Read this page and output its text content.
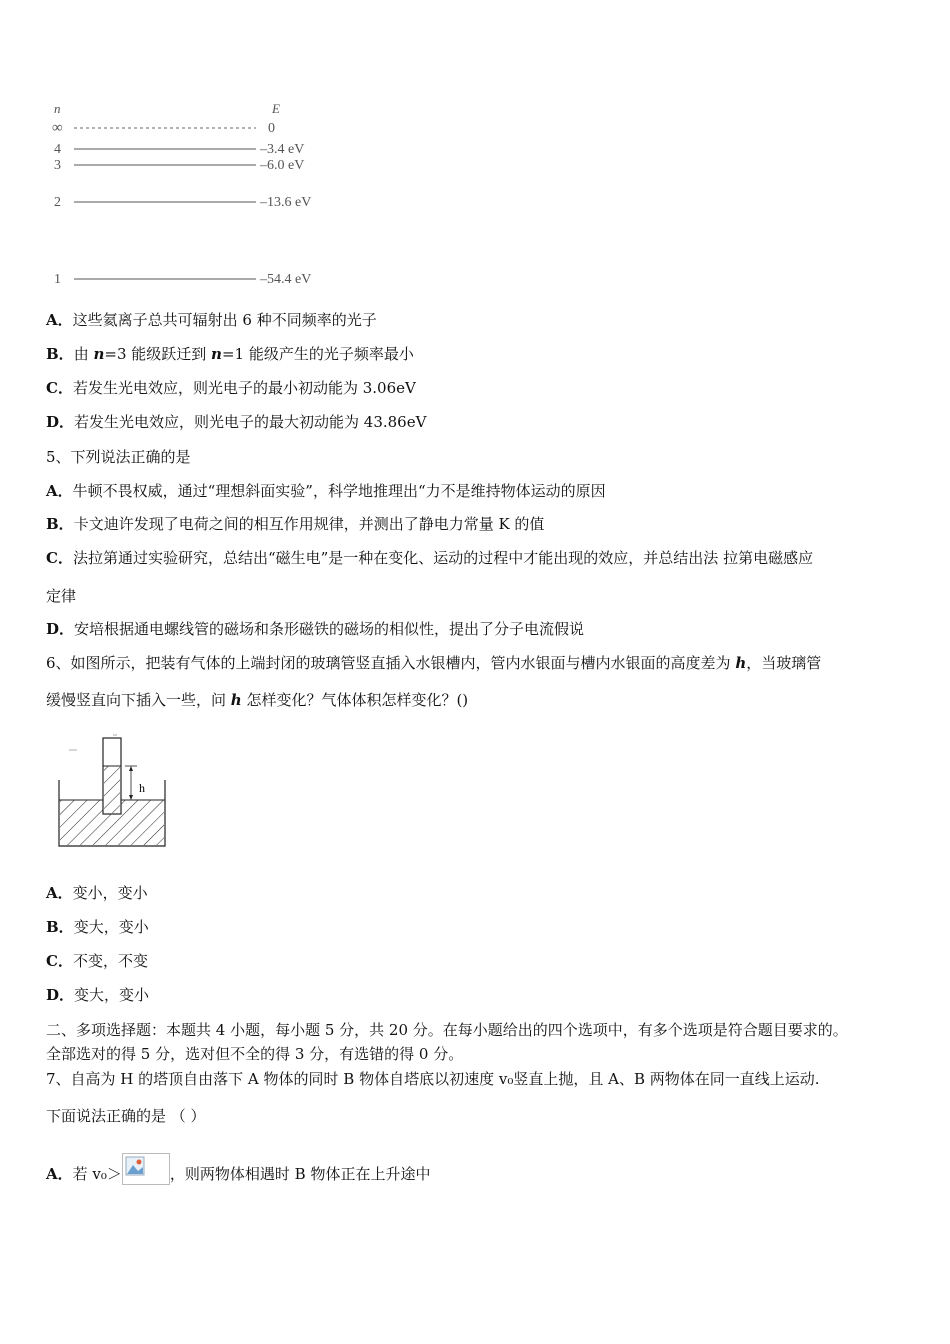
n	E
∞	0
4	–3.4 eV
3	–6.0 eV
2	–13.6 eV
1	–54.4 eV
A．这些氦离子总共可辐射出 6 种不同频率的光子
B．由 n=3 能级跃迁到 n=1 能级产生的光子频率最小
C．若发生光电效应，则光电子的最小初动能为 3.06eV
D．若发生光电效应，则光电子的最大初动能为 43.86eV
5、下列说法正确的是
A．牛顿不畏权威，通过“理想斜面实验”，科学地推理出“力不是维持物体运动的原因
B．卡文迪许发现了电荷之间的相互作用规律，并测出了静电力常量 K 的值
C．法拉第通过实验研究，总结出“磁生电”是一种在变化、运动的过程中才能出现的效应，并总结出法 拉第电磁感应
定律
D．安培根据通电螺线管的磁场和条形磁铁的磁场的相似性，提出了分子电流假说
6、如图所示，把装有气体的上端封闭的玻璃管竖直插入水银槽内，管内水银面与槽内水银面的高度差为 h，当玻璃管
缓慢竖直向下插入一些，问 h 怎样变化？气体体积怎样变化？()
h
A．变小，变小
B．变大，变小
C．不变，不变
D．变大，变小
二、多项选择题：本题共 4 小题，每小题 5 分，共 20 分。在每小题给出的四个选项中，有多个选项是符合题目要求的。
全部选对的得 5 分，选对但不全的得 3 分，有选错的得 0 分。
7、自高为 H 的塔顶自由落下 A 物体的同时 B 物体自塔底以初速度 v₀竖直上抛，且 A、B 两物体在同一直线上运动.
下面说法正确的是 （ ）
A．若 v₀＞	，则两物体相遇时 B 物体正在上升途中
